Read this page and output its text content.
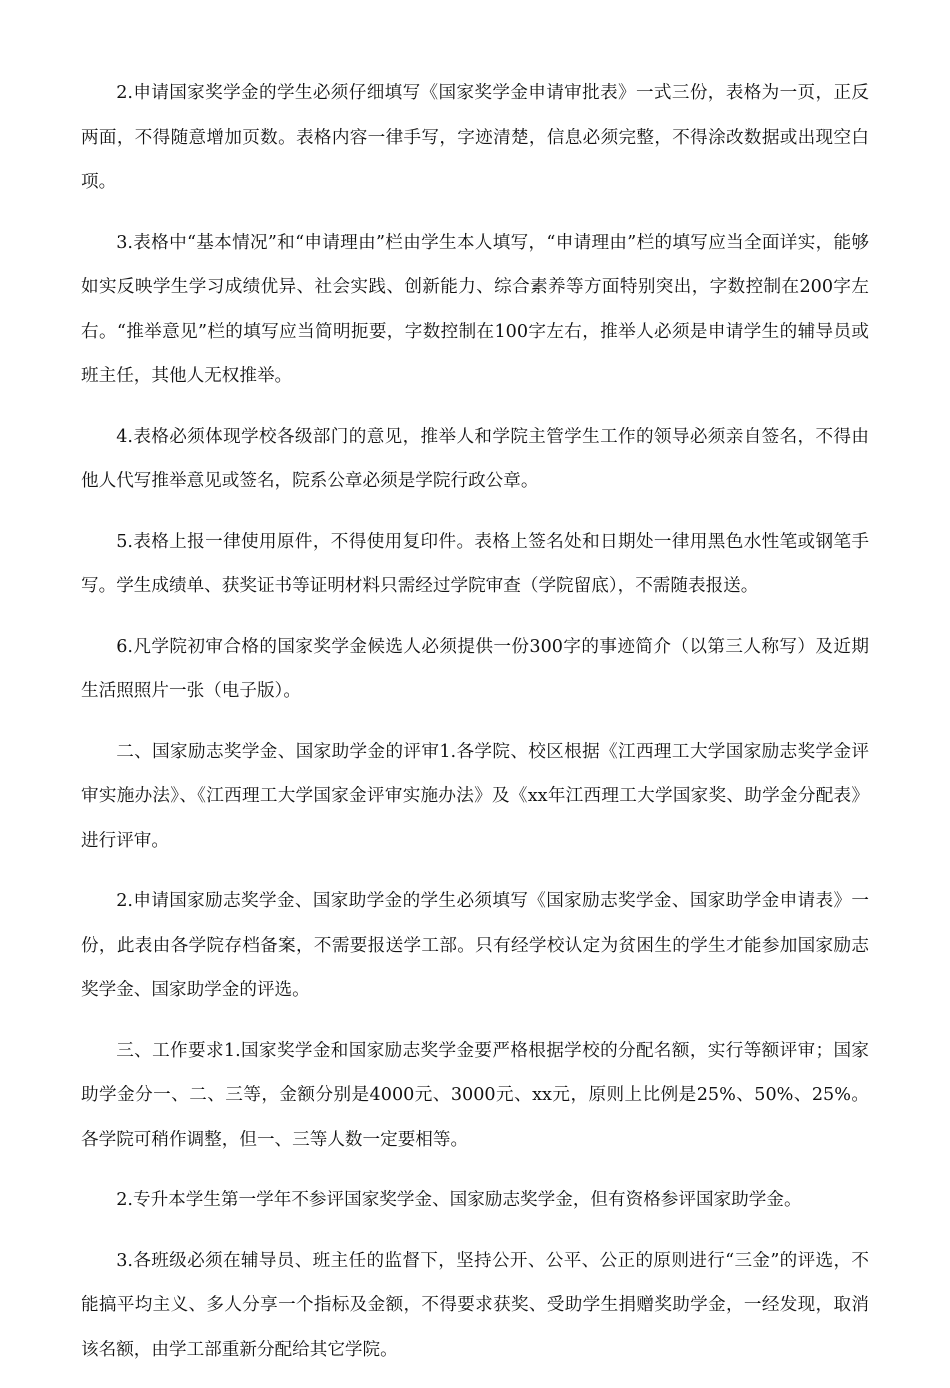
2.申请国家奖学金的学生必须仔细填写《国家奖学金申请审批表》一式三份，表格为一页，正反两面，不得随意增加页数。表格内容一律手写，字迹清楚，信息必须完整，不得涂改数据或出现空白项。

3.表格中“基本情况”和“申请理由”栏由学生本人填写，“申请理由”栏的填写应当全面详实，能够如实反映学生学习成绩优异、社会实践、创新能力、综合素养等方面特别突出，字数控制在200字左右。“推举意见”栏的填写应当简明扼要，字数控制在100字左右，推举人必须是申请学生的辅导员或班主任，其他人无权推举。

4.表格必须体现学校各级部门的意见，推举人和学院主管学生工作的领导必须亲自签名，不得由他人代写推举意见或签名，院系公章必须是学院行政公章。

5.表格上报一律使用原件，不得使用复印件。表格上签名处和日期处一律用黑色水性笔或钢笔手写。学生成绩单、获奖证书等证明材料只需经过学院审查（学院留底），不需随表报送。

6.凡学院初审合格的国家奖学金候选人必须提供一份300字的事迹简介（以第三人称写）及近期生活照照片一张（电子版）。

二、国家励志奖学金、国家助学金的评审1.各学院、校区根据《江西理工大学国家励志奖学金评审实施办法》、《江西理工大学国家金评审实施办法》及《xx年江西理工大学国家奖、助学金分配表》进行评审。

2.申请国家励志奖学金、国家助学金的学生必须填写《国家励志奖学金、国家助学金申请表》一份，此表由各学院存档备案，不需要报送学工部。只有经学校认定为贫困生的学生才能参加国家励志奖学金、国家助学金的评选。

三、工作要求1.国家奖学金和国家励志奖学金要严格根据学校的分配名额，实行等额评审；国家助学金分一、二、三等，金额分别是4000元、3000元、xx元，原则上比例是25%、50%、25%。各学院可稍作调整，但一、三等人数一定要相等。

2.专升本学生第一学年不参评国家奖学金、国家励志奖学金，但有资格参评国家助学金。

3.各班级必须在辅导员、班主任的监督下，坚持公开、公平、公正的原则进行“三金”的评选，不能搞平均主义、多人分享一个指标及金额，不得要求获奖、受助学生捐赠奖助学金，一经发现，取消该名额，由学工部重新分配给其它学院。
